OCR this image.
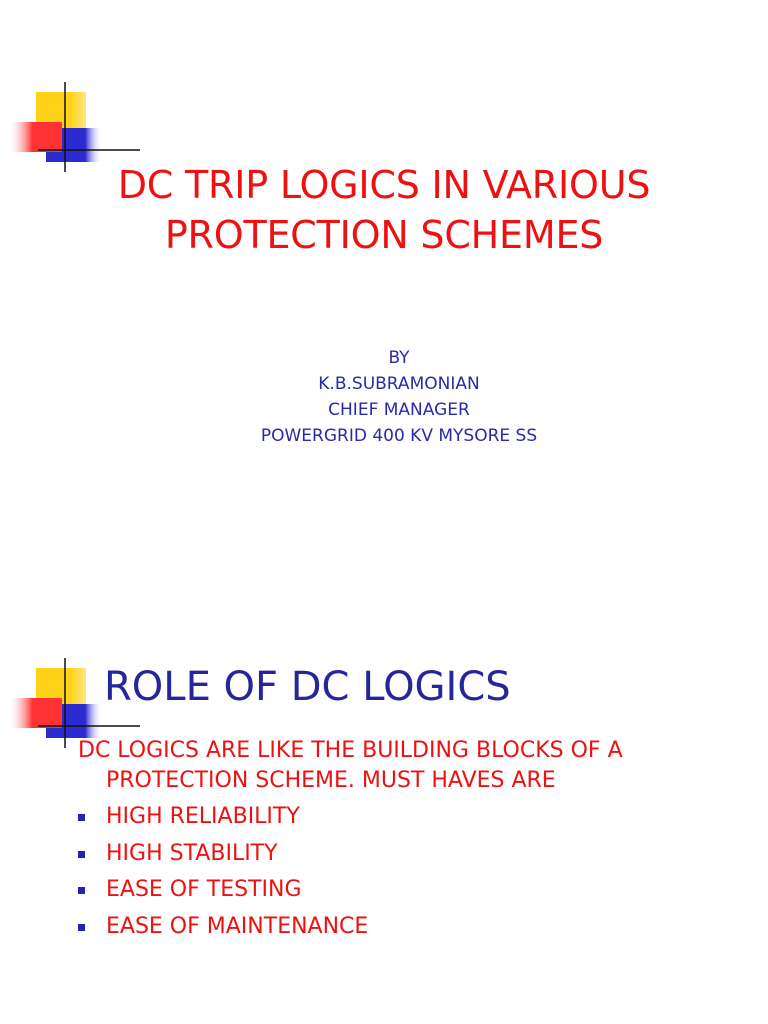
DC TRIP LOGICS IN VARIOUS
PROTECTION SCHEMES
BY
K.B.SUBRAMONIAN
CHIEF MANAGER
POWERGRID 400 KV MYSORE SS
ROLE OF DC LOGICS
DC LOGICS ARE LIKE THE BUILDING BLOCKS OF A
PROTECTION SCHEME. MUST HAVES ARE
HIGH RELIABILITY
HIGH STABILITY
EASE OF TESTING
EASE OF MAINTENANCE
